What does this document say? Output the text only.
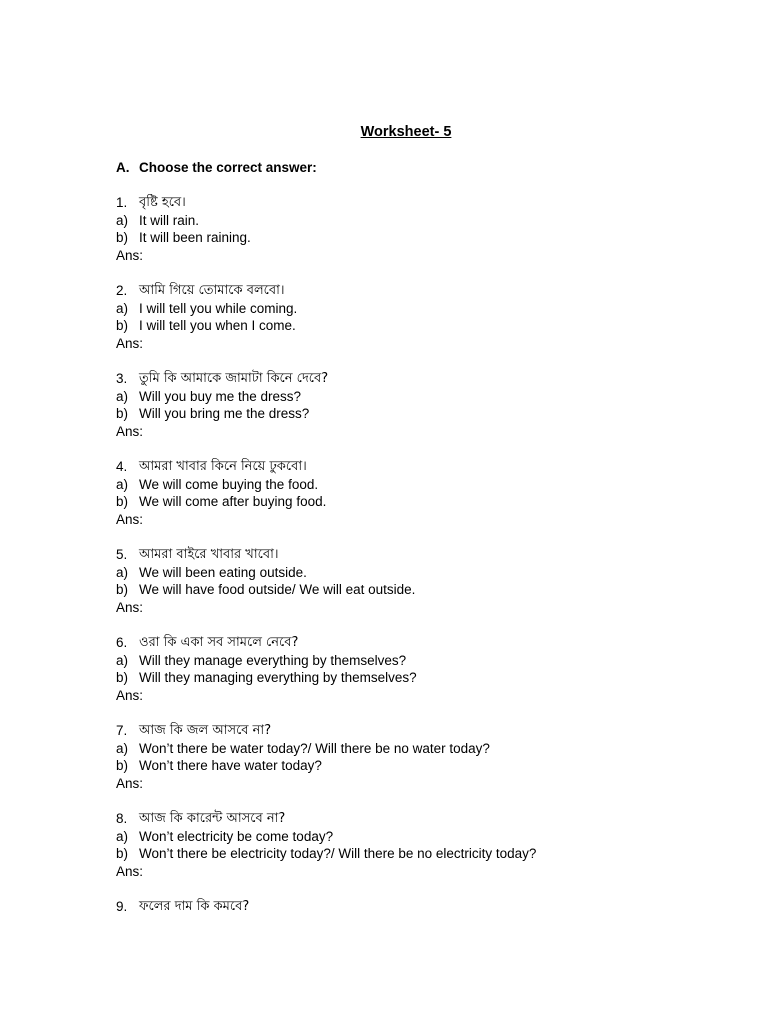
Worksheet- 5
A. Choose the correct answer:
1. বৃষ্টি হবে।
a) It will rain.
b) It will been raining.
Ans:
2. আমি গিয়ে তোমাকে বলবো।
a) I will tell you while coming.
b) I will tell you when I come.
Ans:
3. তুমি কি আমাকে জামাটা কিনে দেবে?
a) Will you buy me the dress?
b) Will you bring me the dress?
Ans:
4. আমরা খাবার কিনে নিয়ে ঢুকবো।
a) We will come buying the food.
b) We will come after buying food.
Ans:
5. আমরা বাইরে খাবার খাবো।
a) We will been eating outside.
b) We will have food outside/ We will eat outside.
Ans:
6. ওরা কি একা সব সামলে নেবে?
a) Will they manage everything by themselves?
b) Will they managing everything by themselves?
Ans:
7. আজ কি জল আসবে না?
a) Won’t there be water today?/ Will there be no water today?
b) Won’t there have water today?
Ans:
8. আজ কি কারেন্ট আসবে না?
a) Won’t electricity be come today?
b) Won’t there be electricity today?/ Will there be no electricity today?
Ans:
9. ফলের দাম কি কমবে?
